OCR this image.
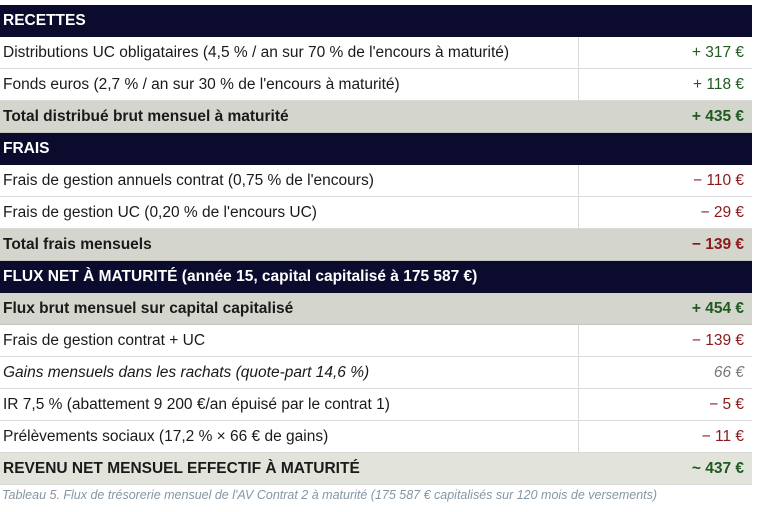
RECETTES	
Distributions UC obligataires (4,5 % / an sur 70 % de l'encours à maturité)	+ 317 €
Fonds euros (2,7 % / an sur 30 % de l'encours à maturité)	+ 118 €
Total distribué brut mensuel à maturité	+ 435 €
FRAIS	
Frais de gestion annuels contrat (0,75 % de l'encours)	− 110 €
Frais de gestion UC (0,20 % de l'encours UC)	− 29 €
Total frais mensuels	− 139 €
FLUX NET À MATURITÉ (année 15, capital capitalisé à 175 587 €)	
Flux brut mensuel sur capital capitalisé	+ 454 €
Frais de gestion contrat + UC	− 139 €
Gains mensuels dans les rachats (quote-part 14,6 %)	66 €
IR 7,5 % (abattement 9 200 €/an épuisé par le contrat 1)	− 5 €
Prélèvements sociaux (17,2 % × 66 € de gains)	− 11 €
REVENU NET MENSUEL EFFECTIF À MATURITÉ	~ 437 €
Tableau 5. Flux de trésorerie mensuel de l'AV Contrat 2 à maturité (175 587 € capitalisés sur 120 mois de versements)
